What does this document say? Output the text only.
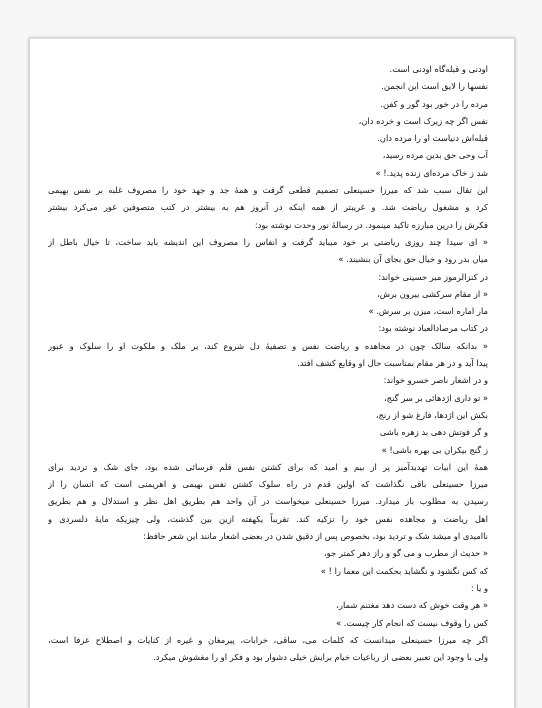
اودنی و قبله‌گاه اودنی است.
نفسها را لایق است این انجمن.
مرده را در خور بود گور و کفن.
نفس اگر چه زیرک است و خرده دان،
قبله‌اش دنیاست او را مرده دان.
آب وحی حق بدین مرده رسید،
شد ز خاک مرده‌ای زنده پدید.! »
این تقال سبب شد که میرزا حسینعلی تصمیم قطعی گرفت و همهٔ جد و جهد خود را مصروف غلبه بر نفس بهیمی
کرد و مشغول ریاضت شد. و غریبتر از همه اینکه در آنروز هم به بیشتر در کتب متصوفین غور می‌کرد بیشتر
فکرش را درین مبارزه تاکید مینمود. در رسالهٔ نور وحدت نوشته بود:
« ای سیدا چند روزی ریاضتی بر خود میباید گرفت و انفاس را مصروف این اندیشه باید ساخت، تا خیال باطل از
میان بدر رود و خیال حق بجای آن بنشیند. »
در کنزالرموز میر حسینی خواند:
« از مقام سرکشی بیرون برش،
مار اماره است، میزن بر سرش. »
در کتاب مرصادالعباد نوشته بود:
« بدانکه سالک چون در مجاهده و ریاضت نفس و تصفیهٔ دل شروع کند، بر ملک و ملکوت او را سلوک و عبور
پیدا آید و در هر مقام بمناسبت حال او وقایع کشف افتد.
و در اشعار ناصر خسرو خواند:
« تو داری اژدهائی بر سر گنج،
بکش این اژدها، فارغ شو از رنج،
و گر فوتش دهی بد زهره باشی
ز گنج بیکران بی بهره باشی! »
همهٔ این ابیات تهدیدآمیز پر از بیم و امید که برای کشتن نفس قلم فرسائی شده بود، جای شک و تردید برای
میرزا حسینعلی باقی نگذاشت که اولین قدم در راه سلوک کشتن نفس بهیمی و اهریمنی است که انسان را از
رسیدن به مطلوب باز میدارد. میرزا حسینعلی میخواست در آن واحد هم بطریق اهل نظر و استدلال و هم بطریق
اهل ریاضت و مجاهده نفس خود را تزکیه کند. تقریباً یکهفته ازین بین گذشت، ولی چیزیکه مایهٔ دلسردی و
ناامیدی او میشد شک و تردید بود، بخصوص پس از دقیق شدن در بعضی اشعار مانند این شعر حافظ:
« حدیث از مطرب و می گو و راز دهر کمتر جو،
که کس نگشود و نگشاید بحکمت این معما را ! »
و یا :
« هر وقت خوش که دست دهد مغتنم شمار،
کس را وقوف نیست که انجام کار چیست. »
اگر چه میرزا حسینعلی میدانست که کلمات می، ساقی، خرابات، پیرمغان و غیره از کنایات و اصطلاح عرفا است،
ولی با وجود این تعبیر بعضی از رباعیات خیام برایش خیلی دشوار بود و فکر او را مغشوش میکرد.
